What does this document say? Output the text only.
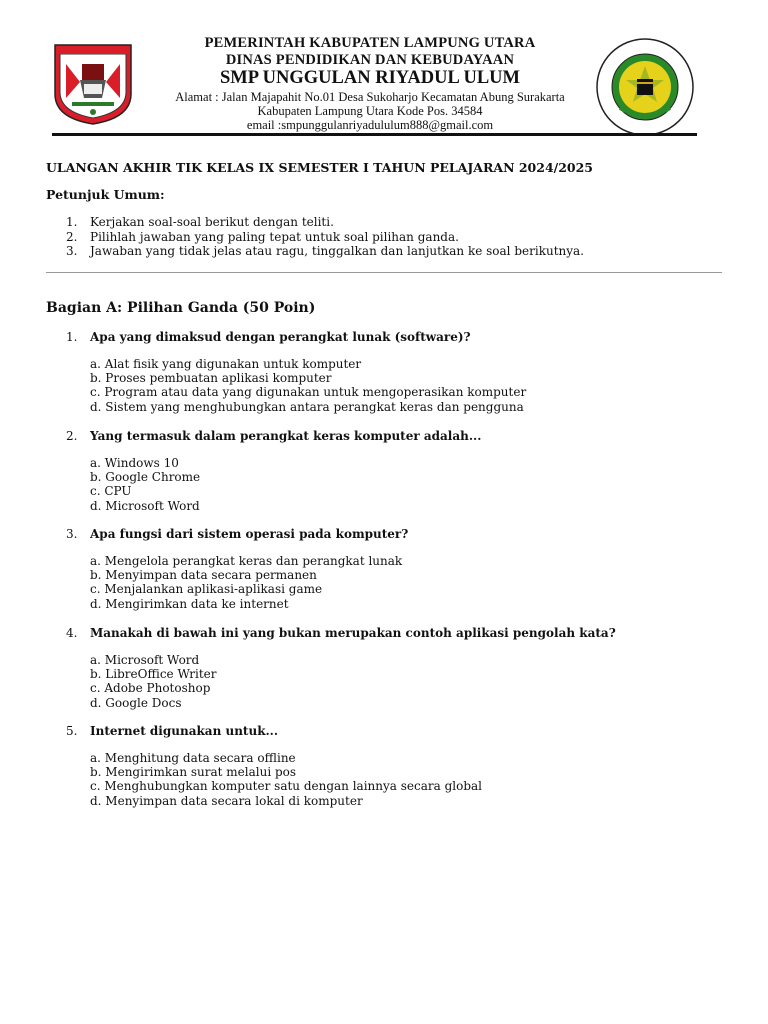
PEMERINTAH KABUPATEN LAMPUNG UTARA
DINAS PENDIDIKAN DAN KEBUDAYAAN
SMP UNGGULAN RIYADUL ULUM
Alamat : Jalan Majapahit No.01 Desa Sukoharjo Kecamatan Abung Surakarta
Kabupaten Lampung Utara Kode Pos. 34584
email :smpunggulanriyadululum888@gmail.com
ULANGAN AKHIR TIK KELAS IX SEMESTER I TAHUN PELAJARAN 2024/2025
Petunjuk Umum:
1. Kerjakan soal-soal berikut dengan teliti.
2. Pilihlah jawaban yang paling tepat untuk soal pilihan ganda.
3. Jawaban yang tidak jelas atau ragu, tinggalkan dan lanjutkan ke soal berikutnya.
Bagian A: Pilihan Ganda (50 Poin)
1. Apa yang dimaksud dengan perangkat lunak (software)?
a. Alat fisik yang digunakan untuk komputer
b. Proses pembuatan aplikasi komputer
c. Program atau data yang digunakan untuk mengoperasikan komputer
d. Sistem yang menghubungkan antara perangkat keras dan pengguna
2. Yang termasuk dalam perangkat keras komputer adalah...
a. Windows 10
b. Google Chrome
c. CPU
d. Microsoft Word
3. Apa fungsi dari sistem operasi pada komputer?
a. Mengelola perangkat keras dan perangkat lunak
b. Menyimpan data secara permanen
c. Menjalankan aplikasi-aplikasi game
d. Mengirimkan data ke internet
4. Manakah di bawah ini yang bukan merupakan contoh aplikasi pengolah kata?
a. Microsoft Word
b. LibreOffice Writer
c. Adobe Photoshop
d. Google Docs
5. Internet digunakan untuk...
a. Menghitung data secara offline
b. Mengirimkan surat melalui pos
c. Menghubungkan komputer satu dengan lainnya secara global
d. Menyimpan data secara lokal di komputer
